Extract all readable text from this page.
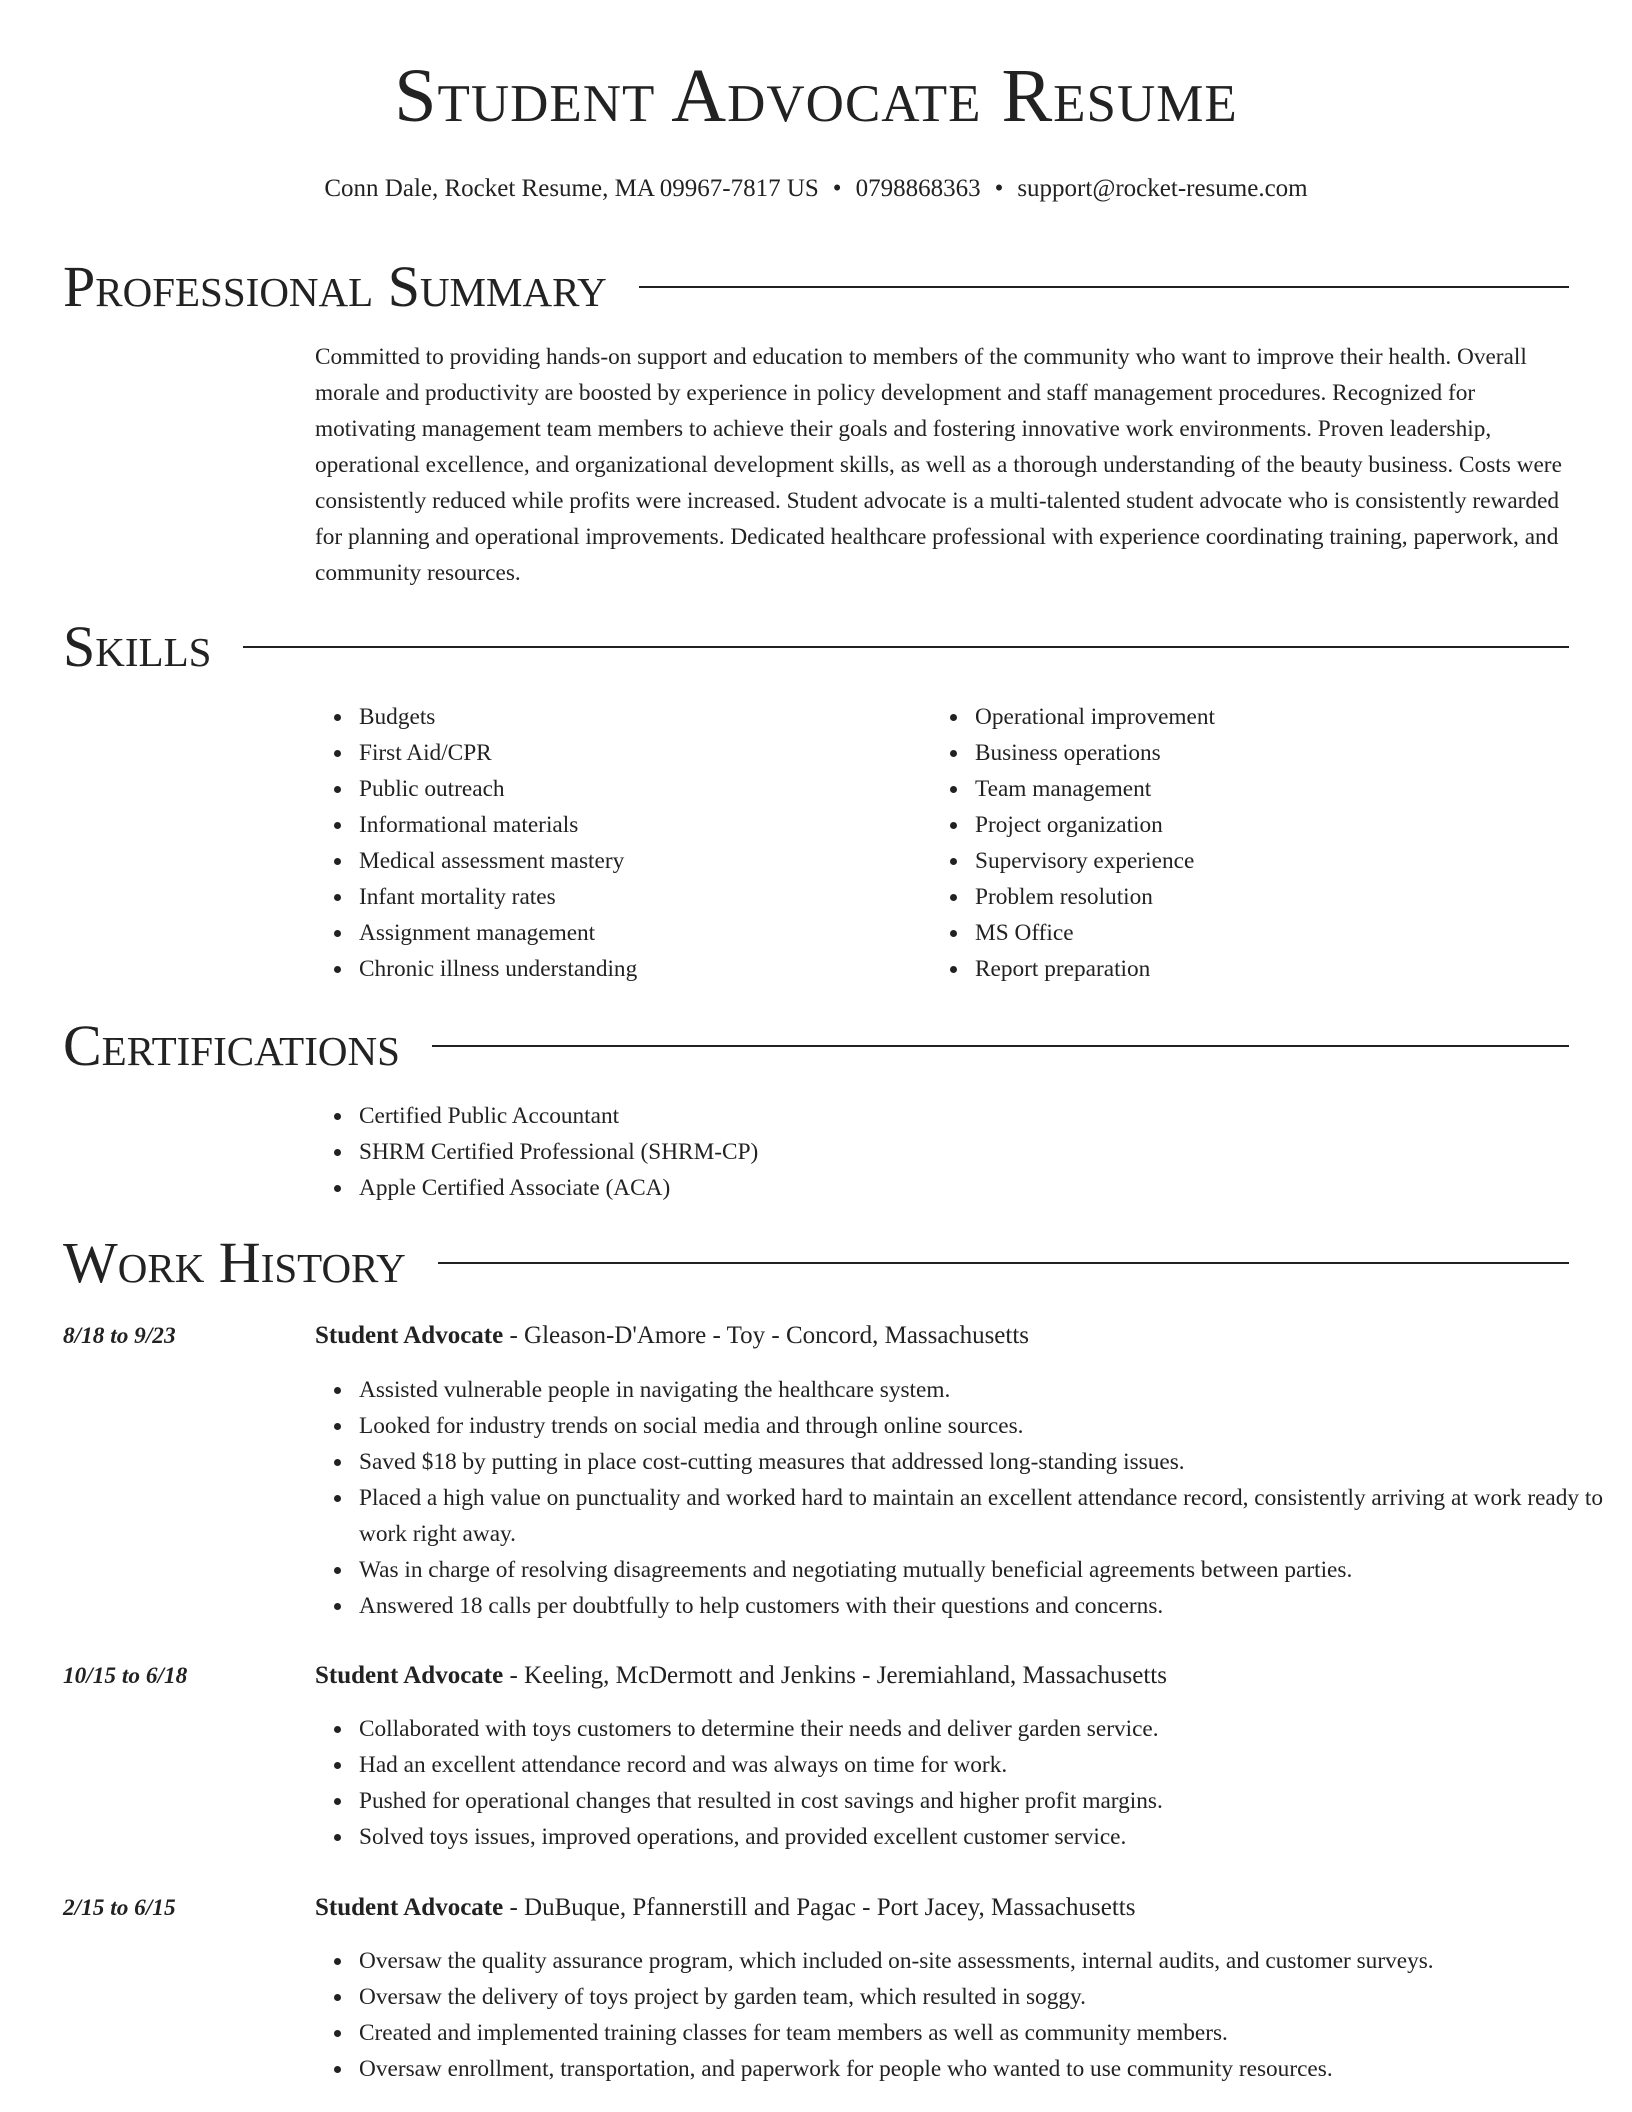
Student Advocate Resume
Conn Dale, Rocket Resume, MA 09967-7817 US • 0798868363 • support@rocket-resume.com
Professional Summary

Committed to providing hands-on support and education to members of the community who want to improve their health. Overall morale and productivity are boosted by experience in policy development and staff management procedures. Recognized for motivating management team members to achieve their goals and fostering innovative work environments. Proven leadership, operational excellence, and organizational development skills, as well as a thorough understanding of the beauty business. Costs were consistently reduced while profits were increased. Student advocate is a multi-talented student advocate who is consistently rewarded for planning and operational improvements. Dedicated healthcare professional with experience coordinating training, paperwork, and community resources.

Skills
Budgets
First Aid/CPR
Public outreach
Informational materials
Medical assessment mastery
Infant mortality rates
Assignment management
Chronic illness understanding
Operational improvement
Business operations
Team management
Project organization
Supervisory experience
Problem resolution
MS Office
Report preparation
Certifications
Certified Public Accountant
SHRM Certified Professional (SHRM-CP)
Apple Certified Associate (ACA)
Work History
8/18 to 9/23	Student Advocate - Gleason-D'Amore - Toy - Concord, Massachusetts
Assisted vulnerable people in navigating the healthcare system.
Looked for industry trends on social media and through online sources.
Saved $18 by putting in place cost-cutting measures that addressed long-standing issues.
Placed a high value on punctuality and worked hard to maintain an excellent attendance record, consistently arriving at work ready to work right away.
Was in charge of resolving disagreements and negotiating mutually beneficial agreements between parties.
Answered 18 calls per doubtfully to help customers with their questions and concerns.
10/15 to 6/18	Student Advocate - Keeling, McDermott and Jenkins - Jeremiahland, Massachusetts
Collaborated with toys customers to determine their needs and deliver garden service.
Had an excellent attendance record and was always on time for work.
Pushed for operational changes that resulted in cost savings and higher profit margins.
Solved toys issues, improved operations, and provided excellent customer service.
2/15 to 6/15	Student Advocate - DuBuque, Pfannerstill and Pagac - Port Jacey, Massachusetts
Oversaw the quality assurance program, which included on-site assessments, internal audits, and customer surveys.
Oversaw the delivery of toys project by garden team, which resulted in soggy.
Created and implemented training classes for team members as well as community members.
Oversaw enrollment, transportation, and paperwork for people who wanted to use community resources.
